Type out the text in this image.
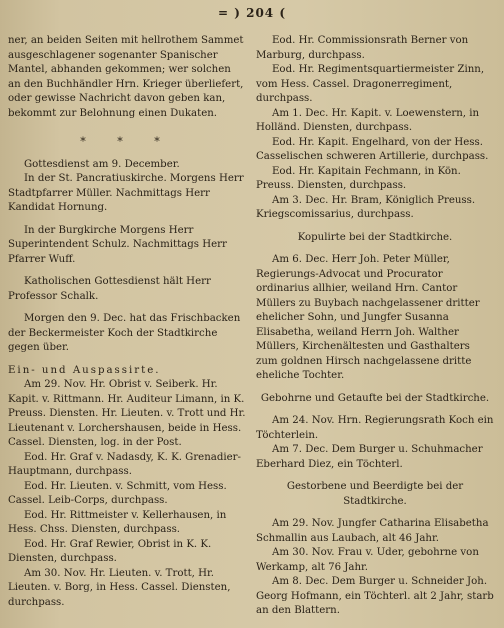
= ) 204 (

ner, an beiden Seiten mit hellrothem Sammet ausgeschlagener sogenanter Spanischer Mantel, abhanden gekommen; wer solchen an den Buchhändler Hrn. Krieger überliefert, oder gewisse Nachricht davon geben kan, bekommt zur Belohnung einen Dukaten.

* * *

Gottesdienst am 9. December.

In der St. Pancratiuskirche. Morgens Herr Stadtpfarrer Müller. Nachmittags Herr Kandidat Hornung.

In der Burgkirche Morgens Herr Superintendent Schulz. Nachmittags Herr Pfarrer Wuff.

Katholischen Gottesdienst hält Herr Professor Schalk.

Morgen den 9. Dec. hat das Frischbacken der Beckermeister Koch der Stadtkirche gegen über.

Ein- und Auspassirte.

Am 29. Nov. Hr. Obrist v. Seiberk. Hr. Kapit. v. Rittmann. Hr. Auditeur Limann, in K. Preuss. Diensten. Hr. Lieuten. v. Trott und Hr. Lieutenant v. Lorchershausen, beide in Hess. Cassel. Diensten, log. in der Post.

Eod. Hr. Graf v. Nadasdy, K. K. Grenadier-Hauptmann, durchpass.

Eod. Hr. Lieuten. v. Schmitt, vom Hess. Cassel. Leib-Corps, durchpass.

Eod. Hr. Rittmeister v. Kellerhausen, in Hess. Chss. Diensten, durchpass.

Eod. Hr. Graf Rewier, Obrist in K. K. Diensten, durchpass.

Am 30. Nov. Hr. Lieuten. v. Trott, Hr. Lieuten. v. Borg, in Hess. Cassel. Diensten, durchpass.

Eod. Hr. Commissionsrath Berner von Marburg, durchpass.

Eod. Hr. Regimentsquartiermeister Zinn, vom Hess. Cassel. Dragonerregiment, durchpass.

Am 1. Dec. Hr. Kapit. v. Loewenstern, in Holländ. Diensten, durchpass.

Eod. Hr. Kapit. Engelhard, von der Hess. Casselischen schweren Artillerie, durchpass.

Eod. Hr. Kapitain Fechmann, in Kön. Preuss. Diensten, durchpass.

Am 3. Dec. Hr. Bram, Königlich Preuss. Kriegscomissarius, durchpass.

Kopulirte bei der Stadtkirche.

Am 6. Dec. Herr Joh. Peter Müller, Regierungs-Advocat und Procurator ordinarius allhier, weiland Hrn. Cantor Müllers zu Buybach nachgelassener dritter ehelicher Sohn, und Jungfer Susanna Elisabetha, weiland Herrn Joh. Walther Müllers, Kirchenältesten und Gasthalters zum goldnen Hirsch nachgelassene dritte eheliche Tochter.

Gebohrne und Getaufte bei der Stadtkirche.

Am 24. Nov. Hrn. Regierungsrath Koch ein Töchterlein.

Am 7. Dec. Dem Burger u. Schuhmacher Eberhard Diez, ein Töchterl.

Gestorbene und Beerdigte bei der Stadtkirche.

Am 29. Nov. Jungfer Catharina Elisabetha Schmallin aus Laubach, alt 46 Jahr.

Am 30. Nov. Frau v. Uder, gebohrne von Werkamp, alt 76 Jahr.

Am 8. Dec. Dem Burger u. Schneider Joh. Georg Hofmann, ein Töchterl. alt 2 Jahr, starb an den Blattern.
